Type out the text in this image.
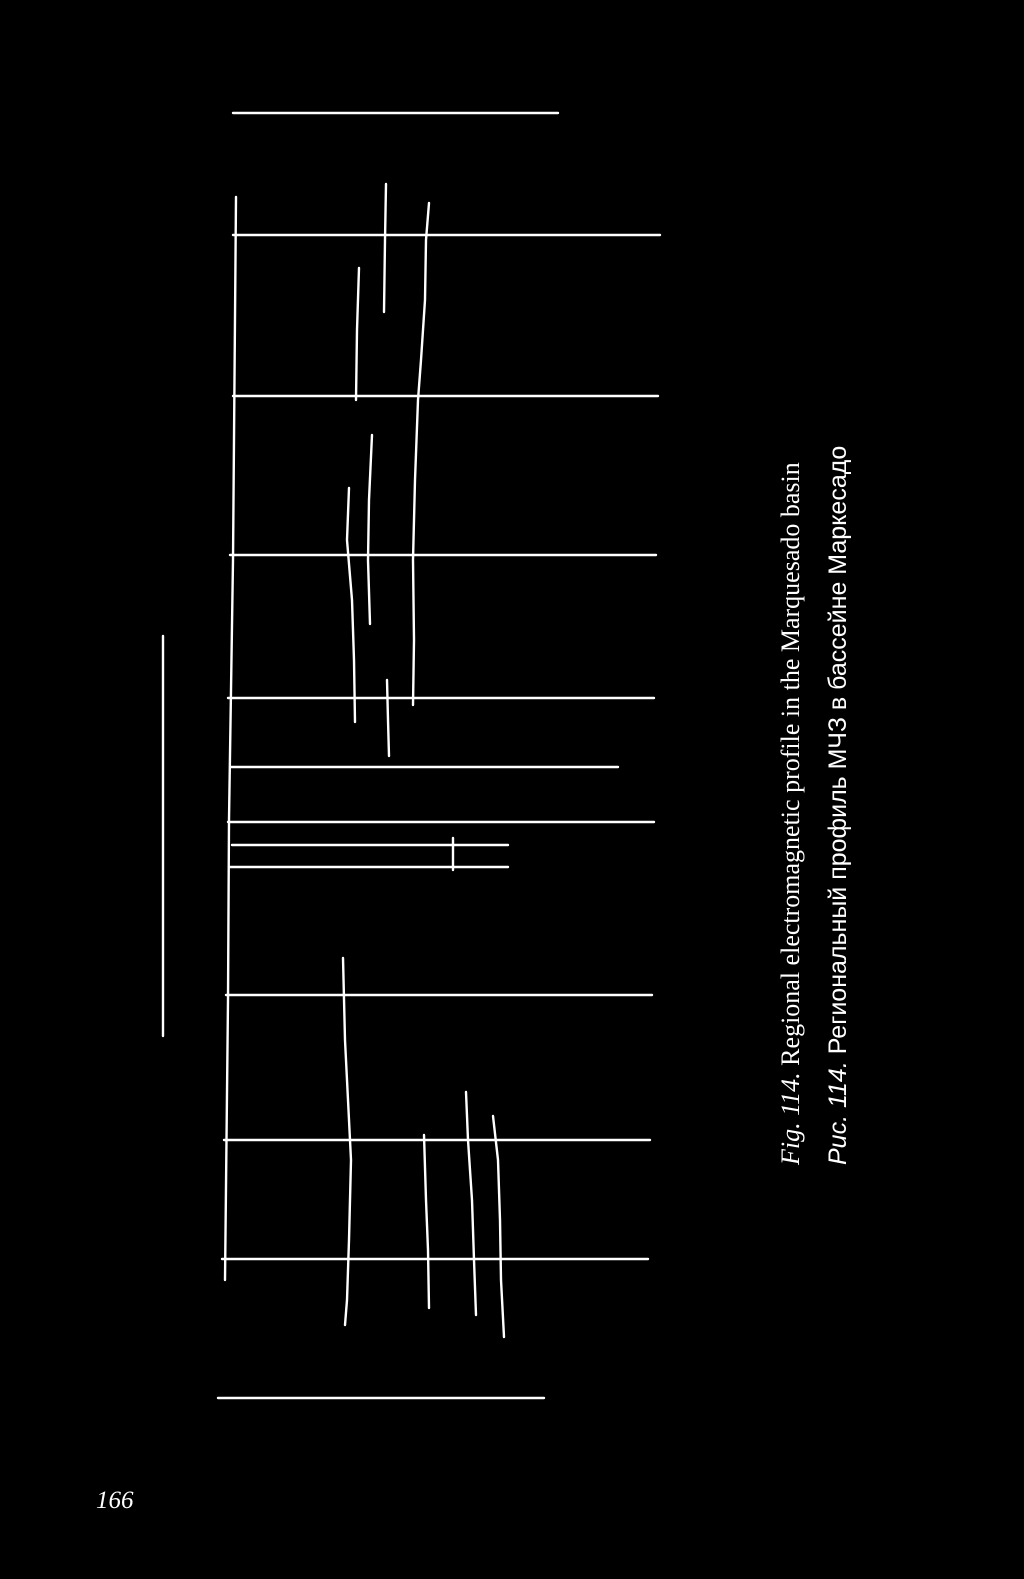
Fig. 114. Regional electromagnetic profile in the Marquesado basin
Рис. 114. Региональный профиль МЧЗ в бассейне Маркесадо
166
